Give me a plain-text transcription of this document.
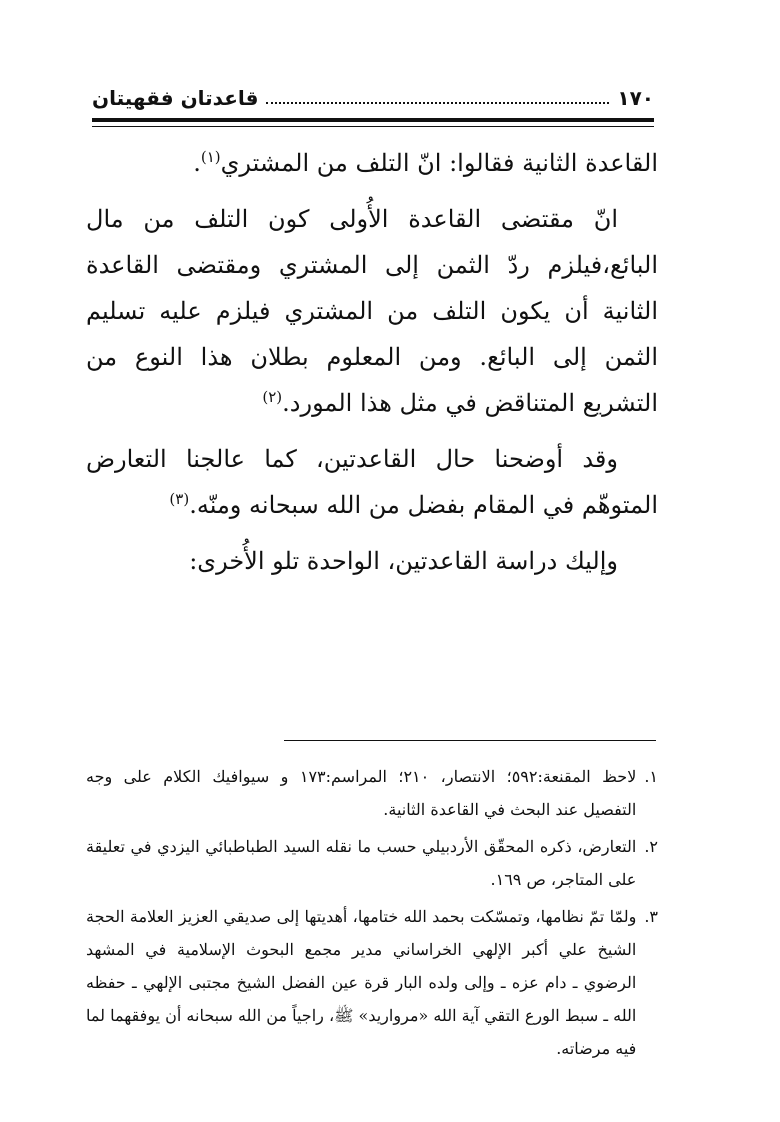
١٧٠
قاعدتان فقهيتان

القاعدة الثانية فقالوا: انّ التلف من المشتري$^{(١)}$.

انّ مقتضى القاعدة الأُولى كون التلف من مال البائع،فيلزم ردّ الثمن إلى المشتري ومقتضى القاعدة الثانية أن يكون التلف من المشتري فيلزم عليه تسليم الثمن إلى البائع. ومن المعلوم بطلان هذا النوع من التشريع المتناقض في مثل هذا المورد.$^{(٢)}$

وقد أوضحنا حال القاعدتين، كما عالجنا التعارض المتوهّم في المقام بفضل من الله سبحانه ومنّه.$^{(٣)}$

وإليك دراسة القاعدتين، الواحدة تلو الأُخرى:

١.
لاحظ المقنعة:٥٩٢؛ الانتصار، ٢١٠؛ المراسم:١٧٣ و سيوافيك الكلام على وجه التفصيل عند البحث في القاعدة الثانية.
٢.
التعارض، ذكره المحقّق الأردبيلي حسب ما نقله السيد الطباطبائي اليزدي في تعليقة على المتاجر، ص ١٦٩.
٣.
ولمّا تمّ نظامها، وتمسّكت بحمد الله ختامها، أهديتها إلى صديقي العزيز العلامة الحجة الشيخ علي أكبر الإلهي الخراساني مدير مجمع البحوث الإسلامية في المشهد الرضوي ـ دام عزه ـ وإلى ولده البار قرة عين الفضل الشيخ مجتبى الإلهي ـ حفظه الله ـ سبط الورع التقي آية الله «مرواريد» ﷺ، راجياً من الله سبحانه أن يوفقهما لما فيه مرضاته.
